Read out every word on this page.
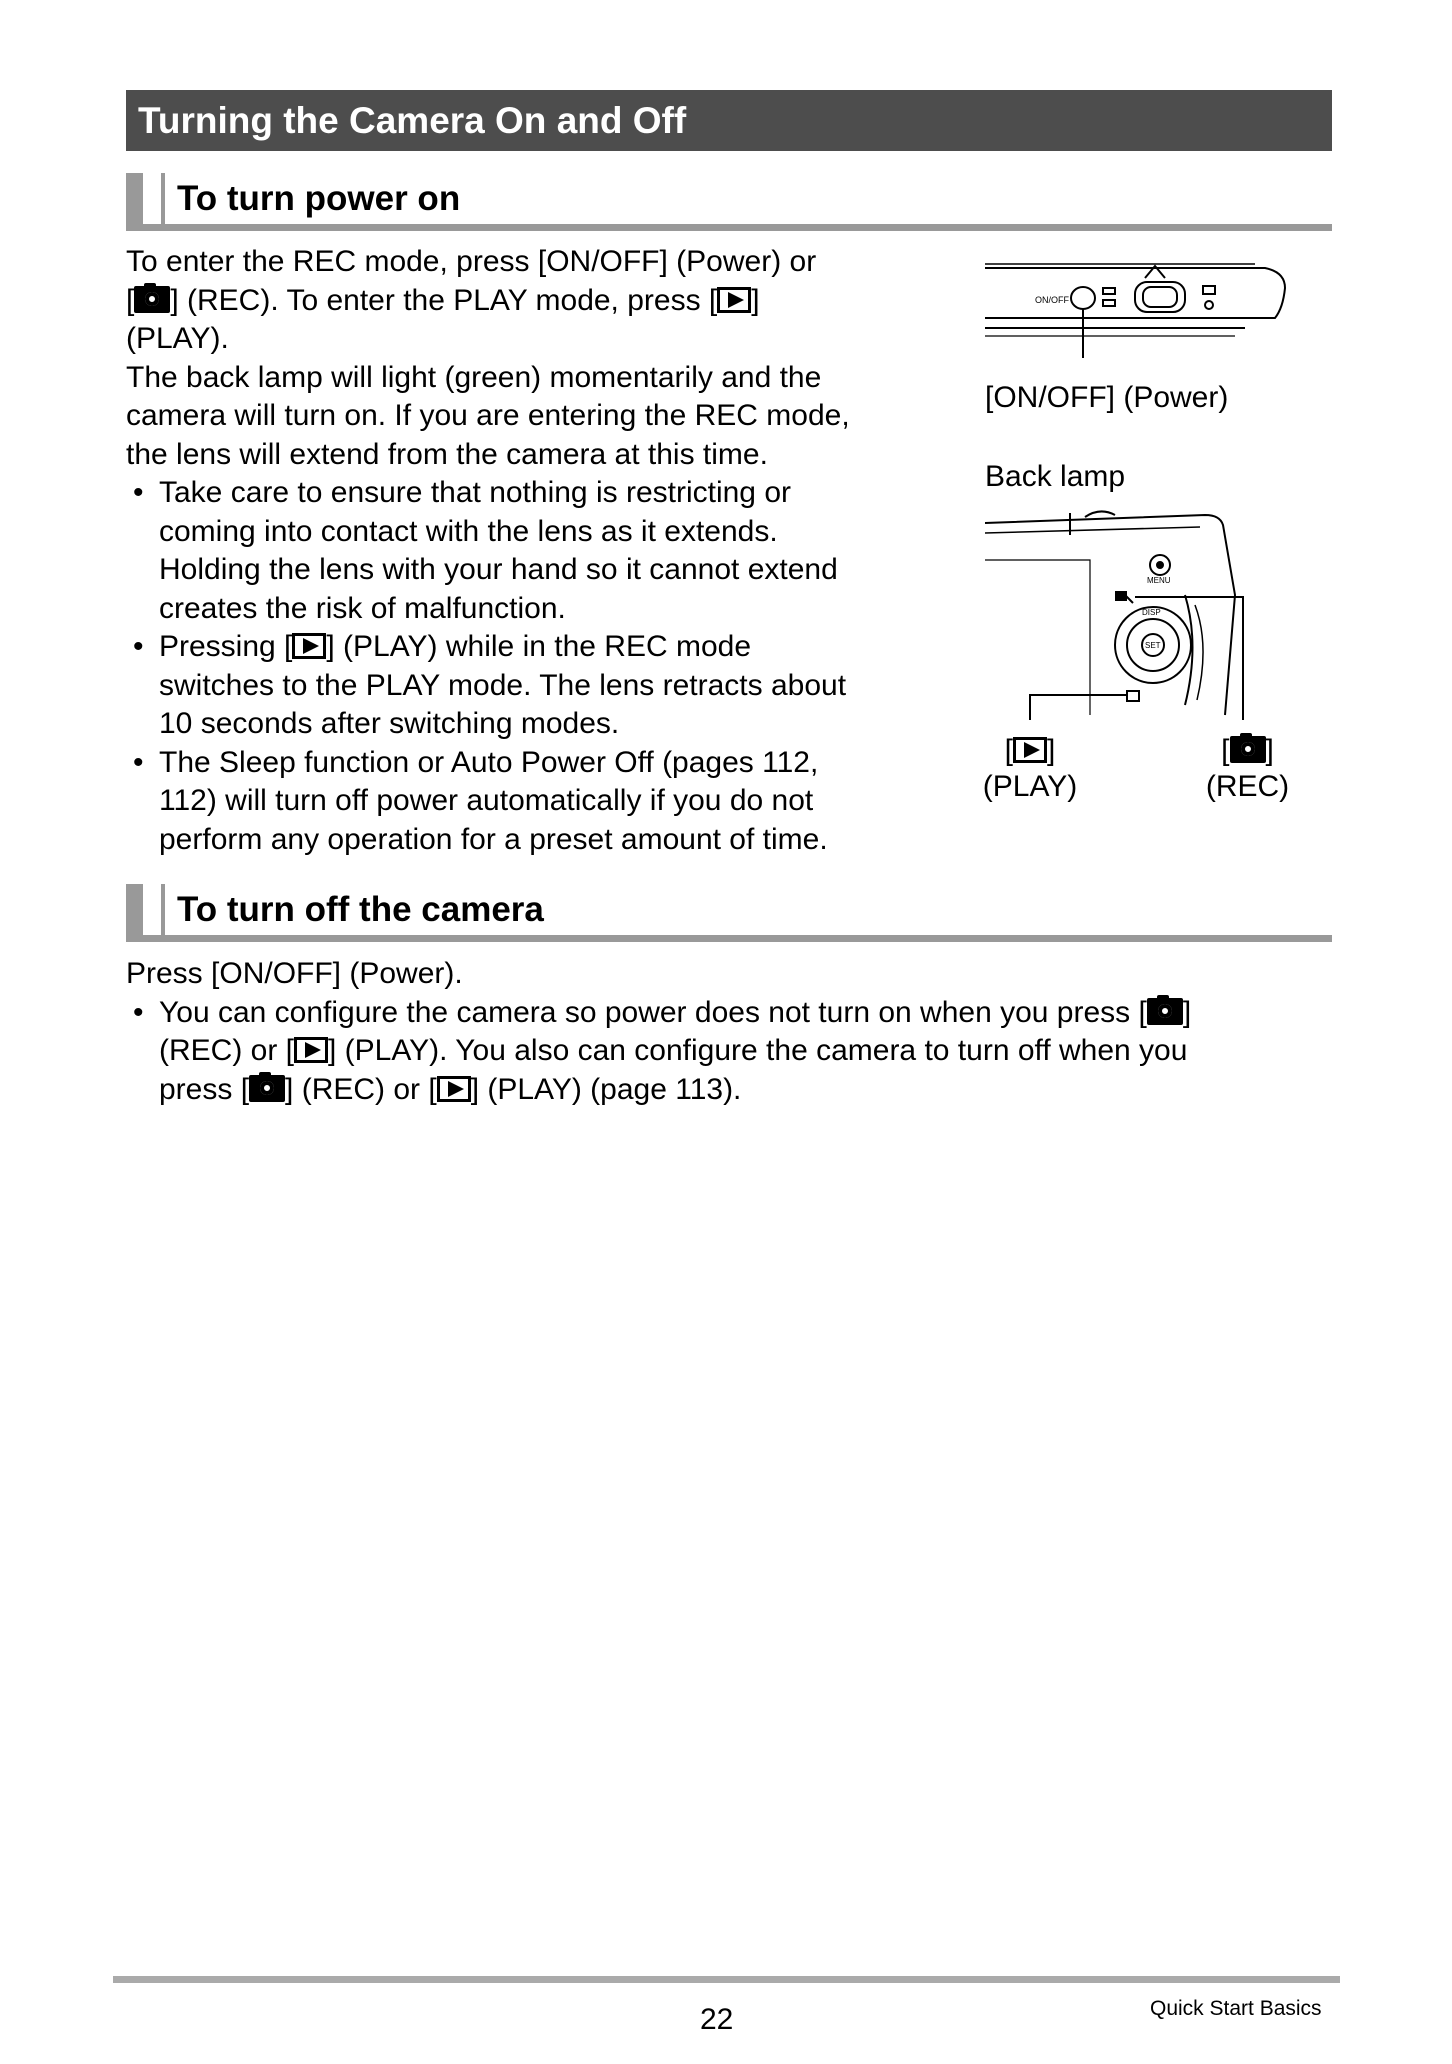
Turning the Camera On and Off
To turn power on

To enter the REC mode, press [ON/OFF] (Power) or

[ ] (REC). To enter the PLAY mode, press [ ]

(PLAY).

The back lamp will light (green) momentarily and the

camera will turn on. If you are entering the REC mode,

the lens will extend from the camera at this time.

• Take care to ensure that nothing is restricting or
coming into contact with the lens as it extends.
Holding the lens with your hand so it cannot extend
creates the risk of malfunction.
• Pressing [ ] (PLAY) while in the REC mode
switches to the PLAY mode. The lens retracts about
10 seconds after switching modes.
• The Sleep function or Auto Power Off (pages 112,
112) will turn off power automatically if you do not
perform any operation for a preset amount of time.
ON/OFF
[ON/OFF] (Power)
Back lamp
MENU
DISP
SET
[ ]
(PLAY)
[ ]
(REC)
To turn off the camera

Press [ON/OFF] (Power).

• You can configure the camera so power does not turn on when you press [ ]
(REC) or [ ] (PLAY). You also can configure the camera to turn off when you
press [ ] (REC) or [ ] (PLAY) (page 113).
22	Quick Start Basics
